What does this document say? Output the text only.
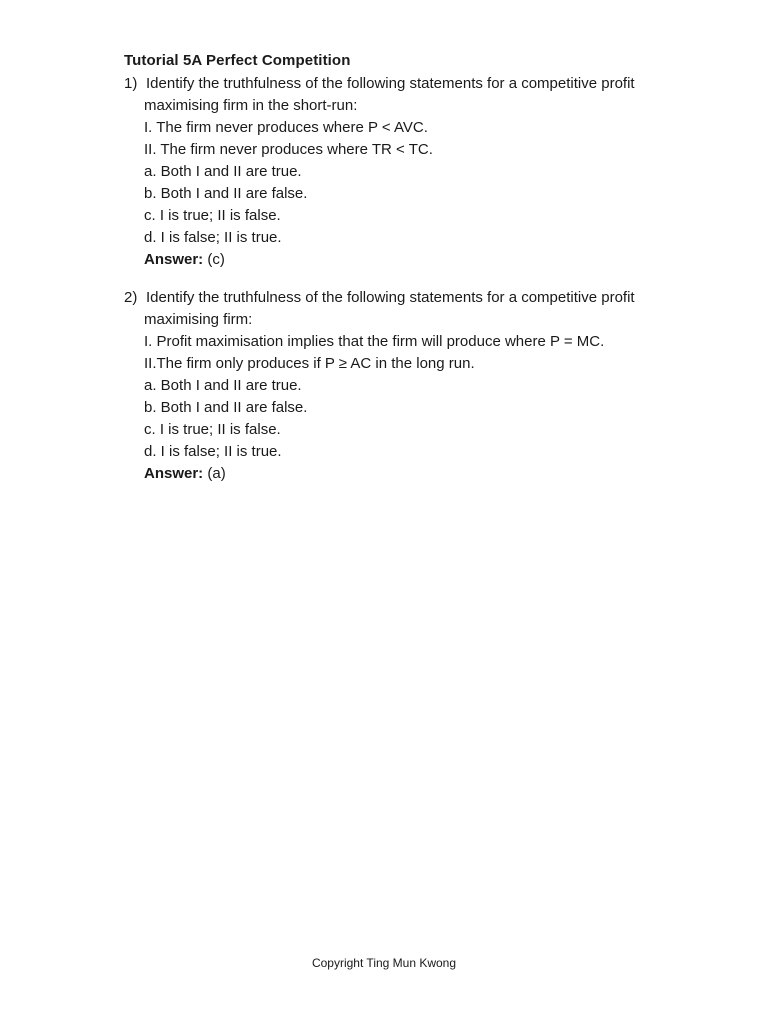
Tutorial 5A Perfect Competition
1) Identify the truthfulness of the following statements for a competitive profit
maximising firm in the short-run:
I. The firm never produces where P < AVC.
II. The firm never produces where TR < TC.
a. Both I and II are true.
b. Both I and II are false.
c. I is true; II is false.
d. I is false; II is true.
Answer: (c)
2) Identify the truthfulness of the following statements for a competitive profit
maximising firm:
I. Profit maximisation implies that the firm will produce where P = MC.
II.The firm only produces if P ≥ AC in the long run.
a. Both I and II are true.
b. Both I and II are false.
c. I is true; II is false.
d. I is false; II is true.
Answer: (a)
Copyright Ting Mun Kwong
